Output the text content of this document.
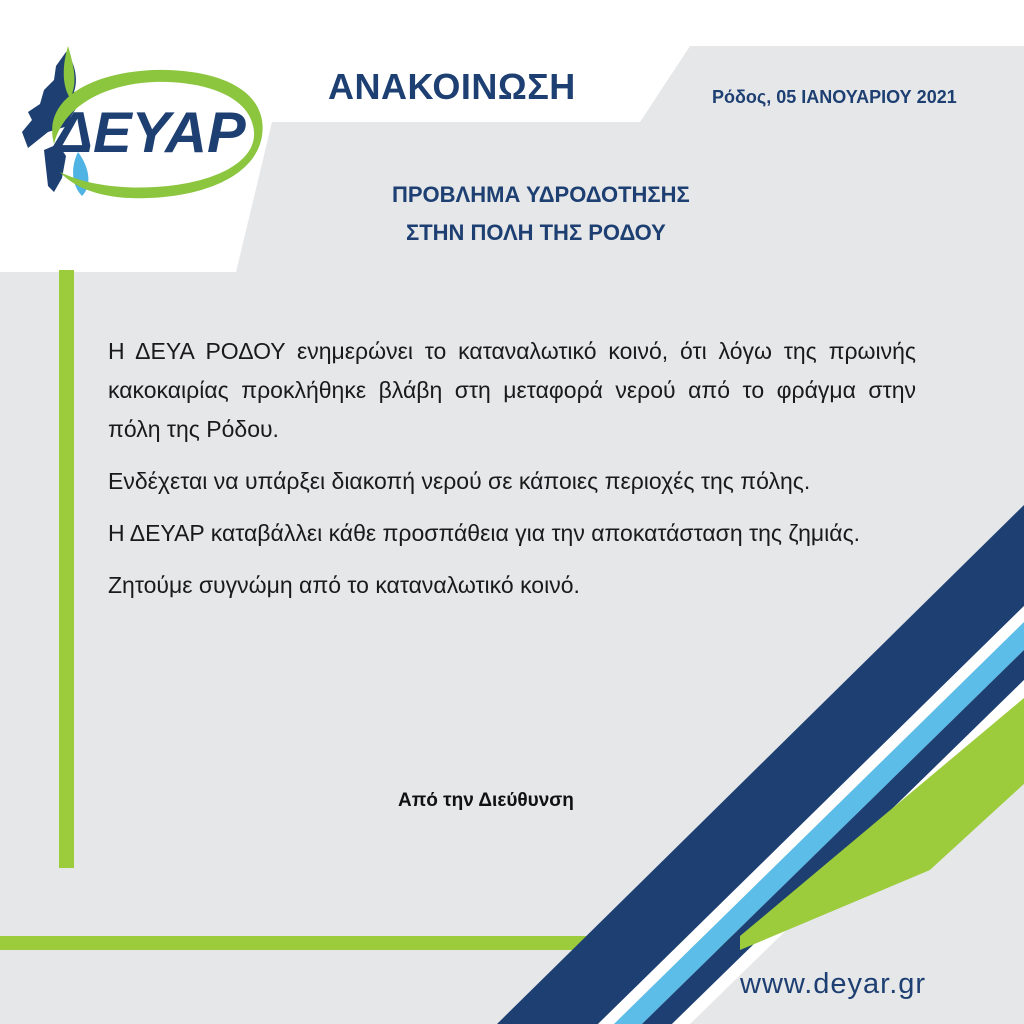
ΔΕΥΑΡ
ΑΝΑΚΟΙΝΩΣΗ	Ρόδος, 05 ΙΑΝΟΥΑΡΙΟΥ 2021
ΠΡΟΒΛΗΜΑ ΥΔΡΟΔΟΤΗΣΗΣ
ΣΤΗΝ ΠΟΛΗ ΤΗΣ ΡΟΔΟΥ

Η ΔΕΥΑ ΡΟΔΟΥ ενημερώνει το καταναλωτικό κοινό, ότι λόγω της πρωινής κακοκαιρίας προκλήθηκε βλάβη στη μεταφορά νερού από το φράγμα στην πόλη της Ρόδου.

Ενδέχεται να υπάρξει διακοπή νερού σε κάποιες περιοχές της πόλης.

Η ΔΕΥΑΡ καταβάλλει κάθε προσπάθεια για την αποκατάσταση της ζημιάς.

Ζητούμε συγνώμη από το καταναλωτικό κοινό.

Από την Διεύθυνση
www.deyar.gr
